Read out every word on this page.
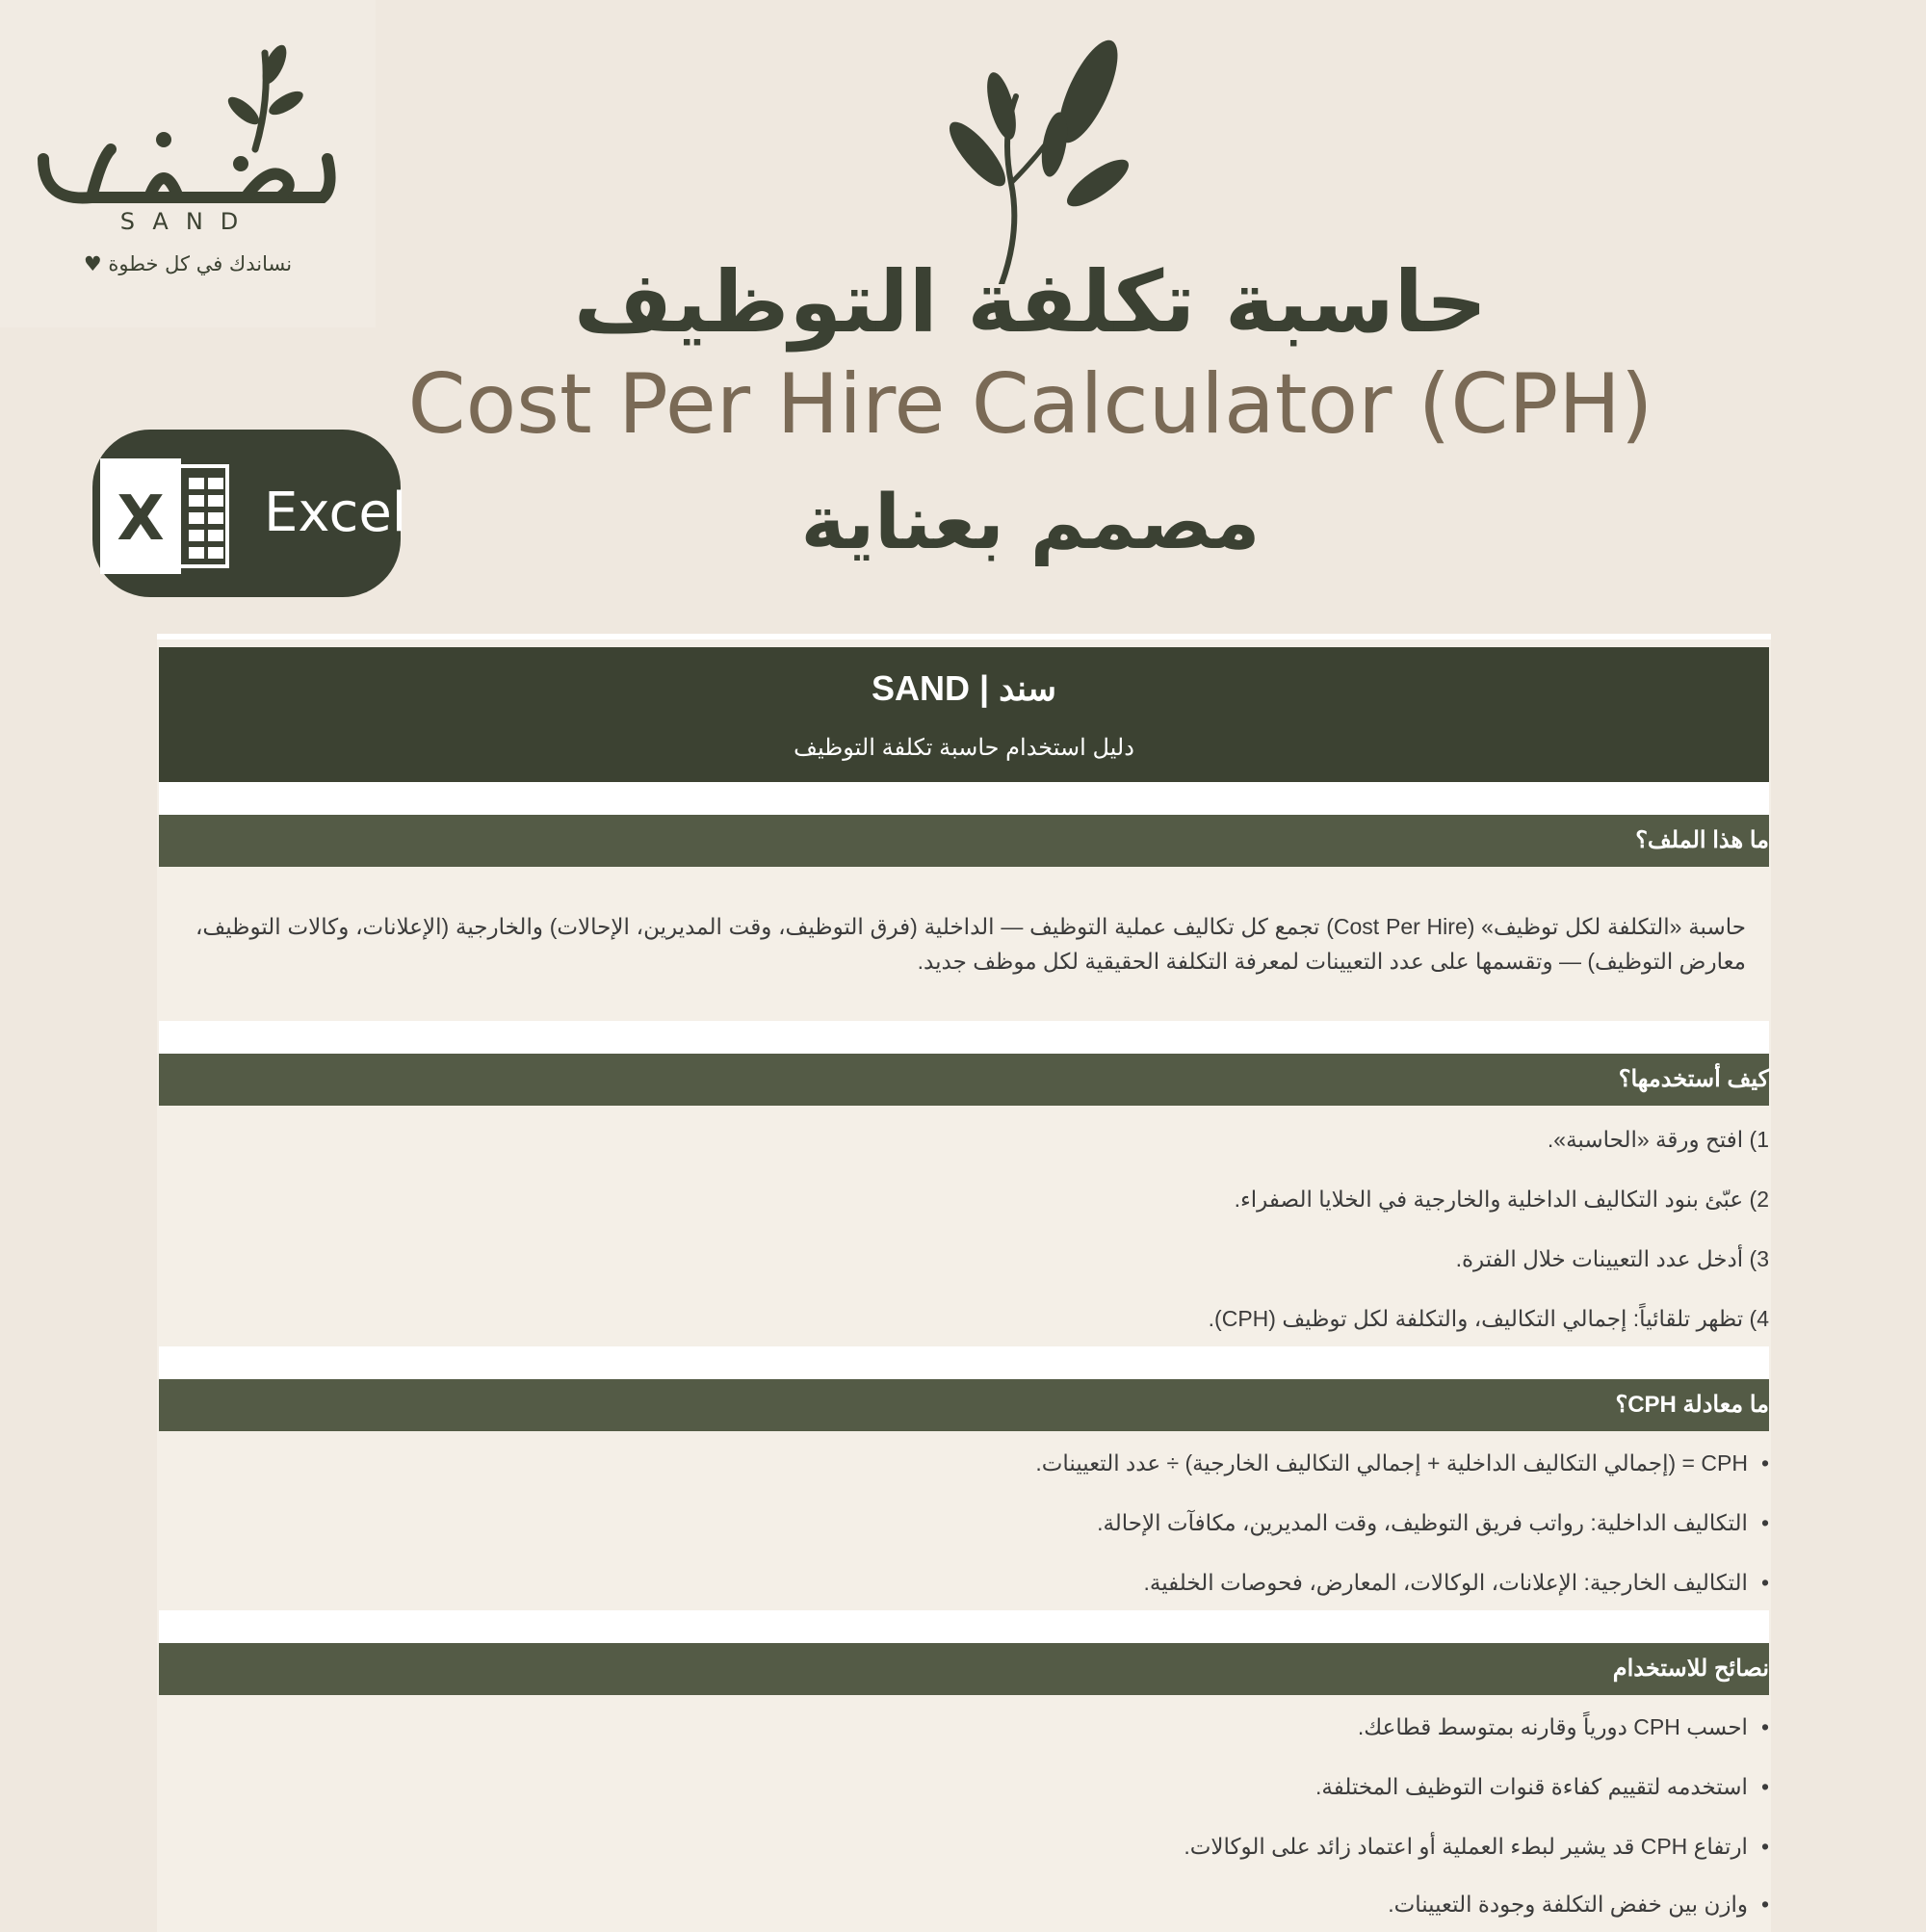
SAND
نساندك في كل خطوة ♥
X Excel
حاسبة تكلفة التوظيف
Cost Per Hire Calculator (CPH)
مصمم بعناية
سند | SAND
دليل استخدام حاسبة تكلفة التوظيف
ما هذا الملف؟
حاسبة «التكلفة لكل توظيف» (Cost Per Hire) تجمع كل تكاليف عملية التوظيف — الداخلية (فرق التوظيف، وقت المديرين، الإحالات) والخارجية (الإعلانات، وكالات التوظيف، معارض التوظيف) — وتقسمها على عدد التعيينات لمعرفة التكلفة الحقيقية لكل موظف جديد.
كيف أستخدمها؟
1) افتح ورقة «الحاسبة».
2) عبّئ بنود التكاليف الداخلية والخارجية في الخلايا الصفراء.
3) أدخل عدد التعيينات خلال الفترة.
4) تظهر تلقائياً: إجمالي التكاليف، والتكلفة لكل توظيف (CPH).
ما معادلة CPH؟
•CPH = (إجمالي التكاليف الداخلية + إجمالي التكاليف الخارجية) ÷ عدد التعيينات.
•التكاليف الداخلية: رواتب فريق التوظيف، وقت المديرين، مكافآت الإحالة.
•التكاليف الخارجية: الإعلانات، الوكالات، المعارض، فحوصات الخلفية.
نصائح للاستخدام
•احسب CPH دورياً وقارنه بمتوسط قطاعك.
•استخدمه لتقييم كفاءة قنوات التوظيف المختلفة.
•ارتفاع CPH قد يشير لبطء العملية أو اعتماد زائد على الوكالات.
•وازن بين خفض التكلفة وجودة التعيينات.
